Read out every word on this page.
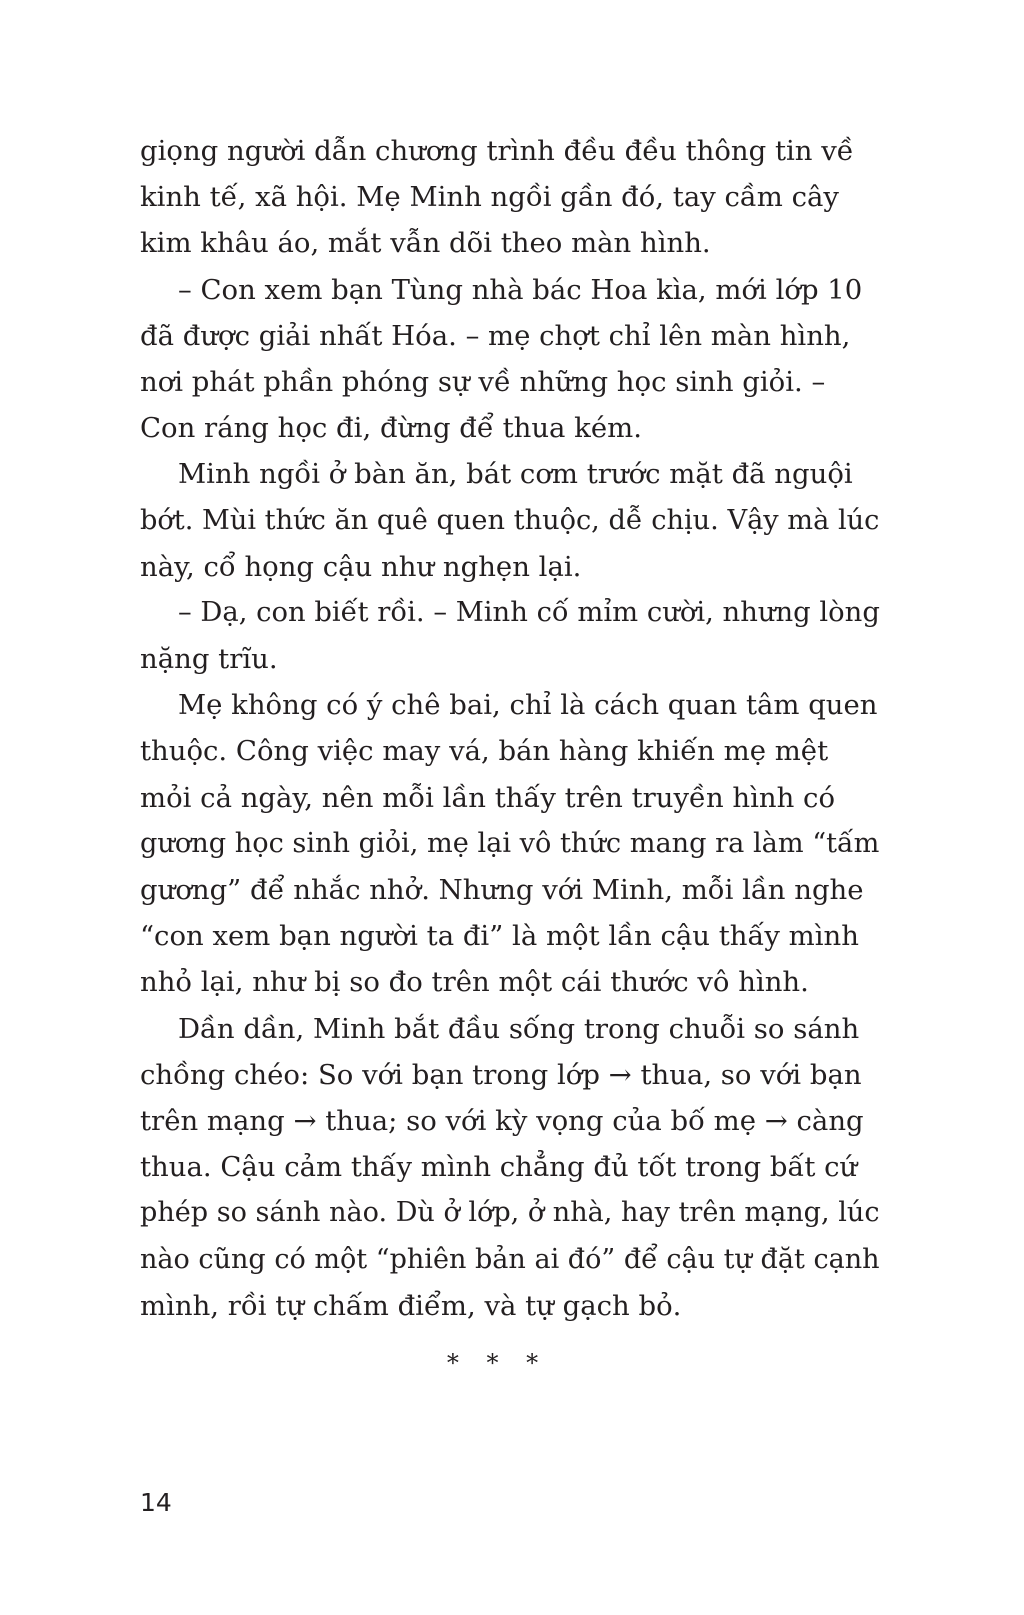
giọng người dẫn chương trình đều đều thông tin về
kinh tế, xã hội. Mẹ Minh ngồi gần đó, tay cầm cây
kim khâu áo, mắt vẫn dõi theo màn hình.
– Con xem bạn Tùng nhà bác Hoa kìa, mới lớp 10
đã được giải nhất Hóa. – mẹ chợt chỉ lên màn hình,
nơi phát phần phóng sự về những học sinh giỏi. –
Con ráng học đi, đừng để thua kém.
Minh ngồi ở bàn ăn, bát cơm trước mặt đã nguội
bớt. Mùi thức ăn quê quen thuộc, dễ chịu. Vậy mà lúc
này, cổ họng cậu như nghẹn lại.
– Dạ, con biết rồi. – Minh cố mỉm cười, nhưng lòng
nặng trĩu.
Mẹ không có ý chê bai, chỉ là cách quan tâm quen
thuộc. Công việc may vá, bán hàng khiến mẹ mệt
mỏi cả ngày, nên mỗi lần thấy trên truyền hình có
gương học sinh giỏi, mẹ lại vô thức mang ra làm “tấm
gương” để nhắc nhở. Nhưng với Minh, mỗi lần nghe
“con xem bạn người ta đi” là một lần cậu thấy mình
nhỏ lại, như bị so đo trên một cái thước vô hình.
Dần dần, Minh bắt đầu sống trong chuỗi so sánh
chồng chéo: So với bạn trong lớp → thua, so với bạn
trên mạng → thua; so với kỳ vọng của bố mẹ → càng
thua. Cậu cảm thấy mình chẳng đủ tốt trong bất cứ
phép so sánh nào. Dù ở lớp, ở nhà, hay trên mạng, lúc
nào cũng có một “phiên bản ai đó” để cậu tự đặt cạnh
mình, rồi tự chấm điểm, và tự gạch bỏ.
* * *
14
